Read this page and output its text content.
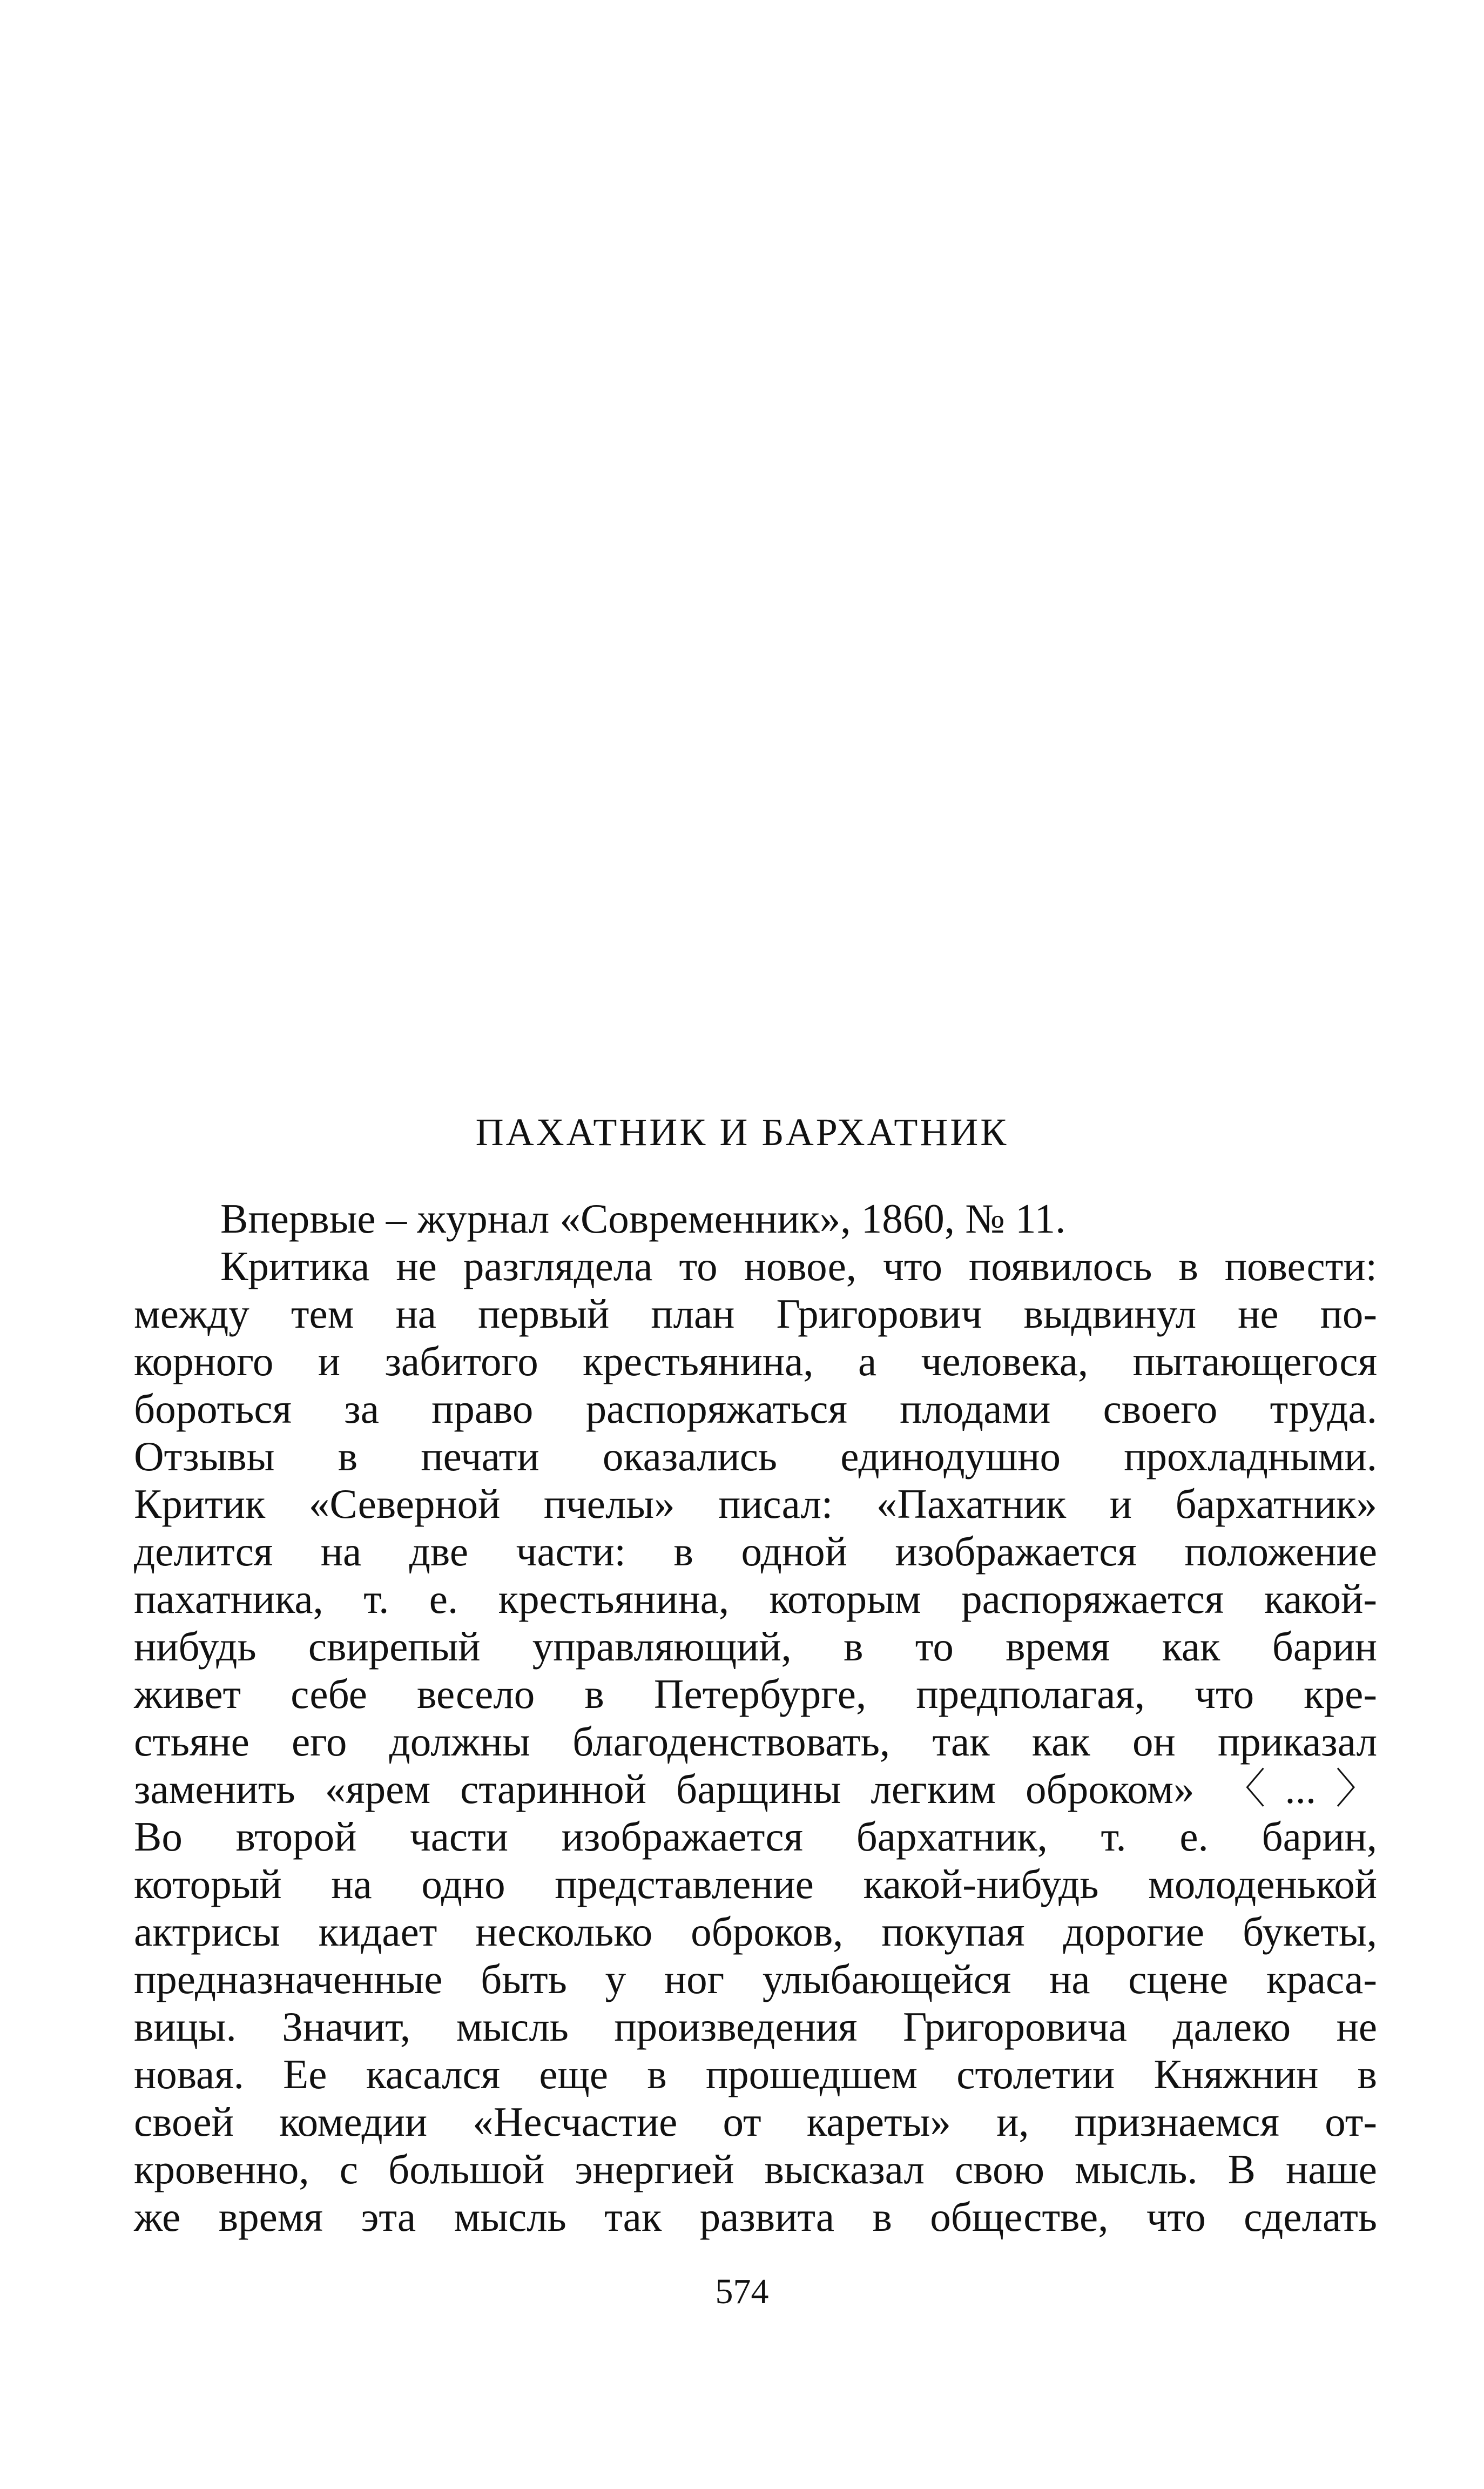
ПАХАТНИК И БАРХАТНИК
Впервые – журнал «Современник», 1860, № 11.
Критика не разглядела то новое, что появилось в повести:
между тем на первый план Григорович выдвинул не по-
корного и забитого крестьянина, а человека, пытающегося
бороться за право распоряжаться плодами своего труда.
Отзывы в печати оказались единодушно прохладными.
Критик «Северной пчелы» писал: «Пахатник и бархатник»
делится на две части: в одной изображается положение
пахатника, т. е. крестьянина, которым распоряжается какой-
нибудь свирепый управляющий, в то время как барин
живет себе весело в Петербурге, предполагая, что кре-
стьяне его должны благоденствовать, так как он приказал
заменить «ярем старинной барщины легким оброком» 〈...〉
Во второй части изображается бархатник, т. е. барин,
который на одно представление какой-нибудь молоденькой
актрисы кидает несколько оброков, покупая дорогие букеты,
предназначенные быть у ног улыбающейся на сцене краса-
вицы. Значит, мысль произведения Григоровича далеко не
новая. Ее касался еще в прошедшем столетии Княжнин в
своей комедии «Несчастие от кареты» и, признаемся от-
кровенно, с большой энергией высказал свою мысль. В наше
же время эта мысль так развита в обществе, что сделать
574
